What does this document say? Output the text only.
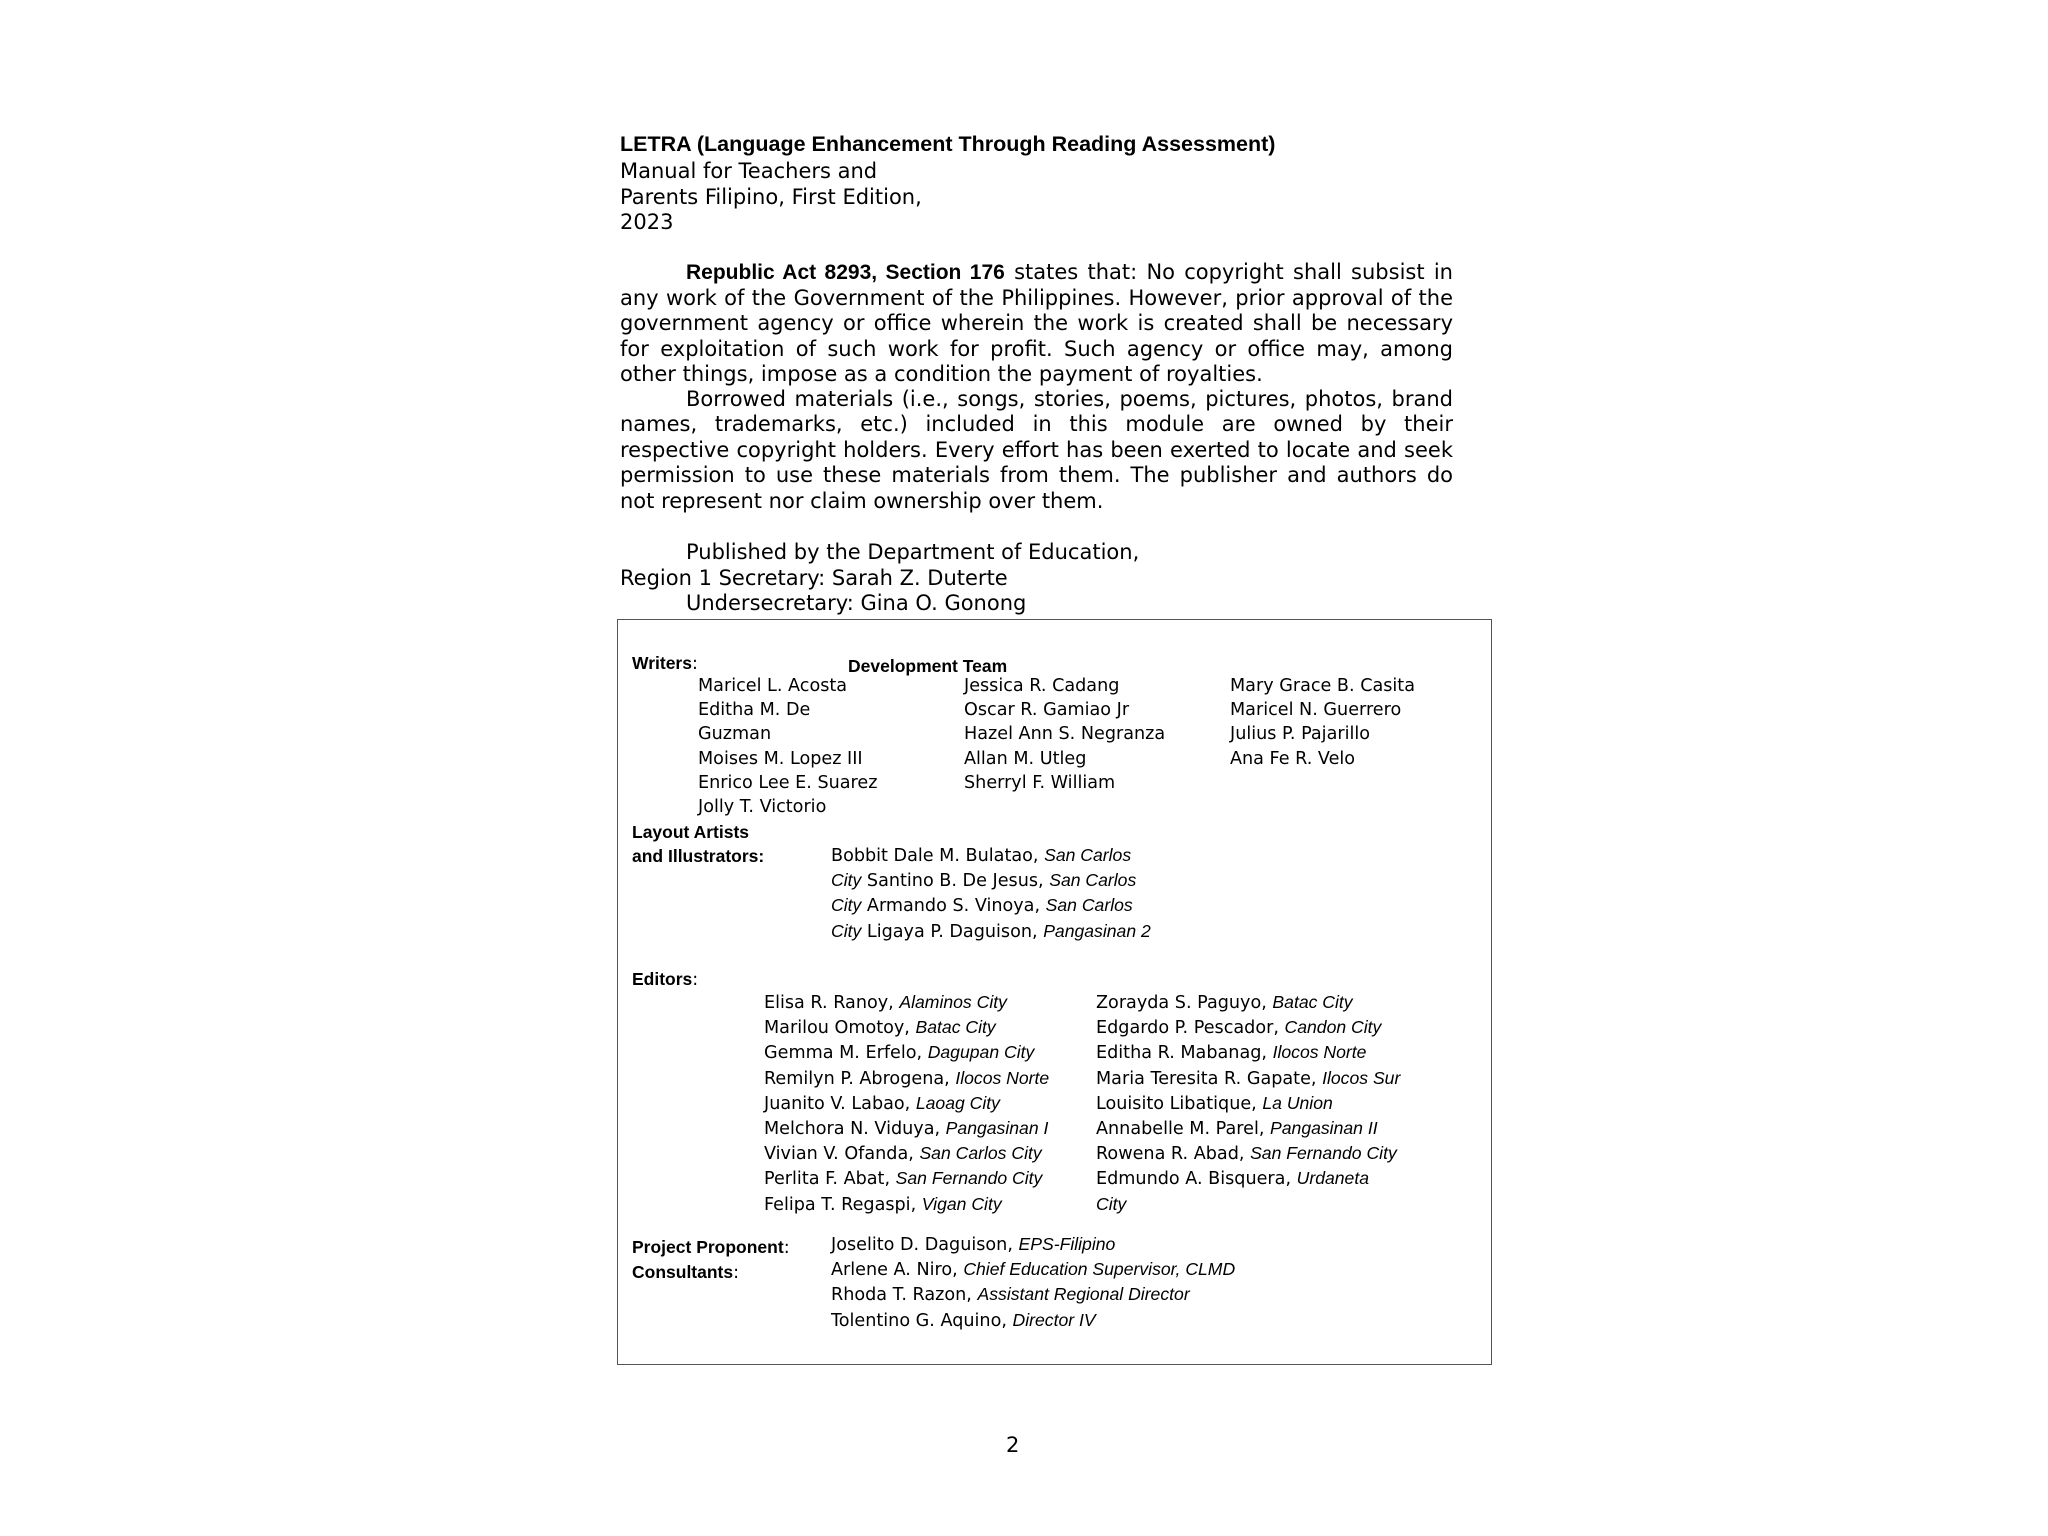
LETRA (Language Enhancement Through Reading Assessment)
Manual for Teachers and
Parents Filipino, First Edition,
2023

Republic Act 8293, Section 176 states that: No copyright shall subsist in any work of the Government of the Philippines. However, prior approval of the government agency or office wherein the work is created shall be necessary for exploitation of such work for profit. Such agency or office may, among other things, impose as a condition the payment of royalties.

Borrowed materials (i.e., songs, stories, poems, pictures, photos, brand names, trademarks, etc.) included in this module are owned by their respective copyright holders. Every effort has been exerted to locate and seek permission to use these materials from them. The publisher and authors do not represent nor claim ownership over them.

Published by the Department of Education,
Region 1 Secretary: Sarah Z. Duterte
Undersecretary: Gina O. Gonong
Writers:	Development Team
Maricel L. Acosta
Editha M. De
Guzman
Moises M. Lopez III
Enrico Lee E. Suarez
Jolly T. Victorio
Jessica R. Cadang
Oscar R. Gamiao Jr
Hazel Ann S. Negranza
Allan M. Utleg
Sherryl F. William
Mary Grace B. Casita
Maricel N. Guerrero
Julius P. Pajarillo
Ana Fe R. Velo
Layout Artists
and Illustrators:	Bobbit Dale M. Bulatao, San Carlos
City Santino B. De Jesus, San Carlos
City Armando S. Vinoya, San Carlos
City Ligaya P. Daguison, Pangasinan 2
Editors:
Elisa R. Ranoy, Alaminos City
Marilou Omotoy, Batac City
Gemma M. Erfelo, Dagupan City
Remilyn P. Abrogena, Ilocos Norte
Juanito V. Labao, Laoag City
Melchora N. Viduya, Pangasinan I
Vivian V. Ofanda, San Carlos City
Perlita F. Abat, San Fernando City
Felipa T. Regaspi, Vigan City
Zorayda S. Paguyo, Batac City
Edgardo P. Pescador, Candon City
Editha R. Mabanag, Ilocos Norte
Maria Teresita R. Gapate, Ilocos Sur
Louisito Libatique, La Union
Annabelle M. Parel, Pangasinan II
Rowena R. Abad, San Fernando City
Edmundo A. Bisquera, Urdaneta
City
Project Proponent:
Consultants:
Joselito D. Daguison, EPS-Filipino
Arlene A. Niro, Chief Education Supervisor, CLMD
Rhoda T. Razon, Assistant Regional Director
Tolentino G. Aquino, Director IV
2
